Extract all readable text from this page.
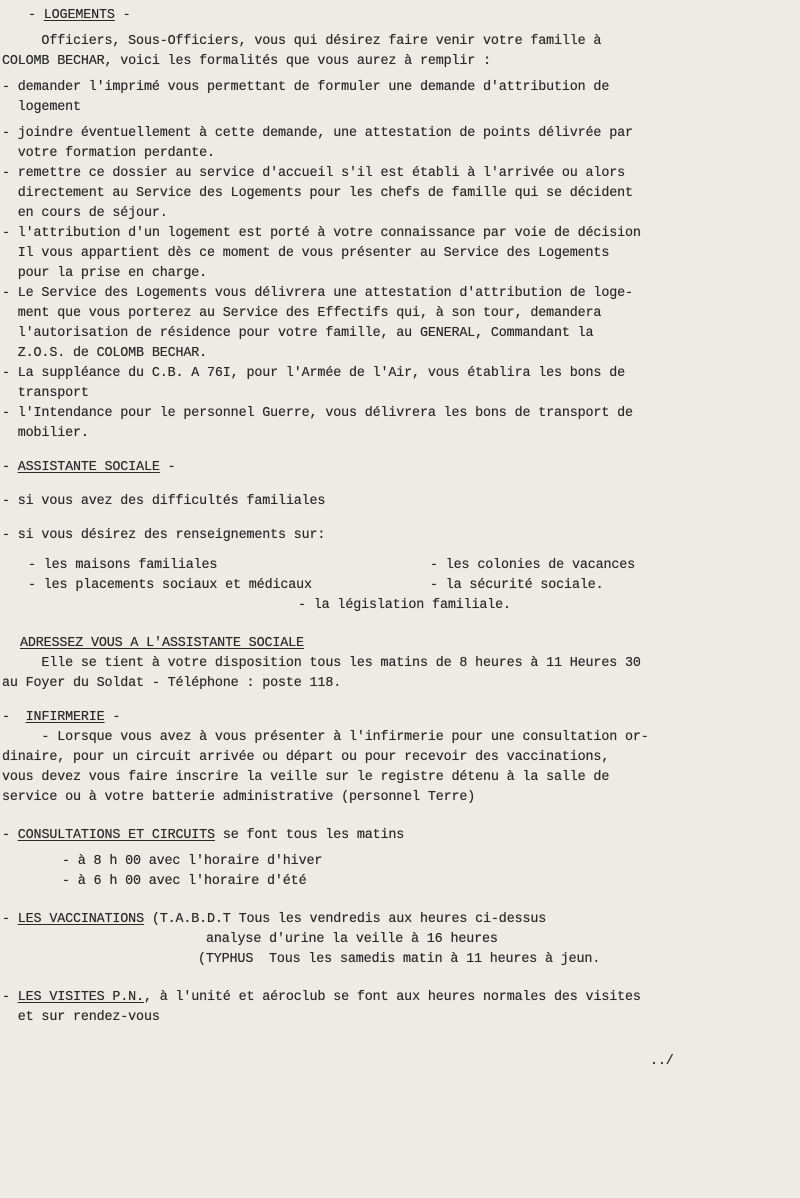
- LOGEMENTS -
Officiers, Sous-Officiers, vous qui désirez faire venir votre famille à
COLOMB BECHAR, voici les formalités que vous aurez à remplir :
- demander l'imprimé vous permettant de formuler une demande d'attribution de
logement
- joindre éventuellement à cette demande, une attestation de points délivrée par
votre formation perdante.
- remettre ce dossier au service d'accueil s'il est établi à l'arrivée ou alors
directement au Service des Logements pour les chefs de famille qui se décident
en cours de séjour.
- l'attribution d'un logement est porté à votre connaissance par voie de décision
Il vous appartient dès ce moment de vous présenter au Service des Logements
pour la prise en charge.
- Le Service des Logements vous délivrera une attestation d'attribution de loge-
ment que vous porterez au Service des Effectifs qui, à son tour, demandera
l'autorisation de résidence pour votre famille, au GENERAL, Commandant la
Z.O.S. de COLOMB BECHAR.
- La suppléance du C.B. A 76I, pour l'Armée de l'Air, vous établira les bons de
transport
- l'Intendance pour le personnel Guerre, vous délivrera les bons de transport de
mobilier.
- ASSISTANTE SOCIALE -
- si vous avez des difficultés familiales
- si vous désirez des renseignements sur:
- les maisons familiales	- les colonies de vacances
- les placements sociaux et médicaux	- la sécurité sociale.
- la législation familiale.
ADRESSEZ VOUS A L'ASSISTANTE SOCIALE
Elle se tient à votre disposition tous les matins de 8 heures à 11 Heures 30
au Foyer du Soldat - Téléphone : poste 118.
-  INFIRMERIE -
- Lorsque vous avez à vous présenter à l'infirmerie pour une consultation or-
dinaire, pour un circuit arrivée ou départ ou pour recevoir des vaccinations,
vous devez vous faire inscrire la veille sur le registre détenu à la salle de
service ou à votre batterie administrative (personnel Terre)
- CONSULTATIONS ET CIRCUITS se font tous les matins
- à 8 h 00 avec l'horaire d'hiver
- à 6 h 00 avec l'horaire d'été
- LES VACCINATIONS (T.A.B.D.T Tous les vendredis aux heures ci-dessus
analyse d'urine la veille à 16 heures
(TYPHUS  Tous les samedis matin à 11 heures à jeun.
- LES VISITES P.N., à l'unité et aéroclub se font aux heures normales des visites
et sur rendez-vous
../
